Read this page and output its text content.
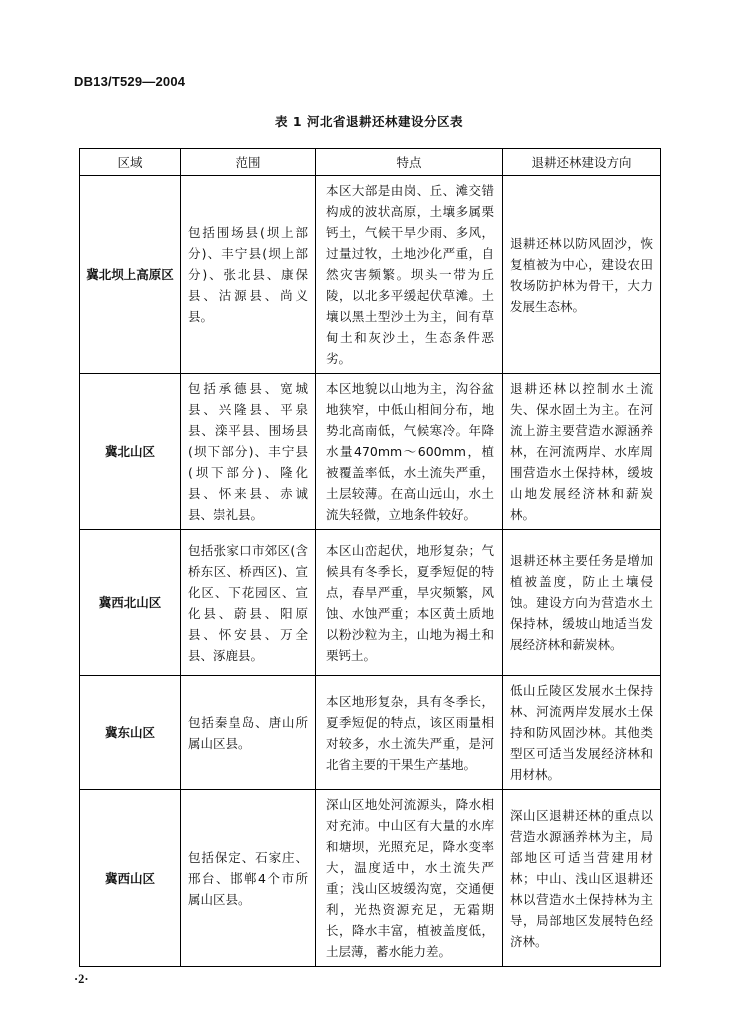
DB13/T529—2004
表 1 河北省退耕还林建设分区表
区域	范围	特点	退耕还林建设方向
冀北坝上高原区	包括围场县(坝上部分)、丰宁县(坝上部分)、张北县、康保县、沽源县、尚义县。	本区大部是由岗、丘、滩交错构成的波状高原，土壤多属栗钙土，气候干旱少雨、多风，过量过牧，土地沙化严重，自然灾害频繁。坝头一带为丘陵，以北多平缓起伏草滩。土壤以黑土型沙土为主，间有草甸土和灰沙土，生态条件恶劣。	退耕还林以防风固沙，恢复植被为中心，建设农田牧场防护林为骨干，大力发展生态林。

冀北山区	包括承德县、宽城县、兴隆县、平泉县、滦平县、围场县(坝下部分)、丰宁县(坝下部分)、隆化县、怀来县、赤诚县、崇礼县。	本区地貌以山地为主，沟谷盆地狭窄，中低山相间分布，地势北高南低，气候寒冷。年降水量470mm～600mm，植被覆盖率低，水土流失严重，土层较薄。在高山远山，水土流失轻微，立地条件较好。	退耕还林以控制水土流失、保水固土为主。在河流上游主要营造水源涵养林，在河流两岸、水库周围营造水土保持林，缓坡山地发展经济林和薪炭林。

冀西北山区	包括张家口市郊区(含桥东区、桥西区)、宣化区、下花园区、宣化县、蔚县、阳原县、怀安县、万全县、涿鹿县。	本区山峦起伏，地形复杂；气候具有冬季长，夏季短促的特点，春旱严重，旱灾频繁，风蚀、水蚀严重；本区黄土质地以粉沙粒为主，山地为褐土和栗钙土。	退耕还林主要任务是增加植被盖度，防止土壤侵蚀。建设方向为营造水土保持林，缓坡山地适当发展经济林和薪炭林。

冀东山区	包括秦皇岛、唐山所属山区县。	本区地形复杂，具有冬季长，夏季短促的特点，该区雨量相对较多，水土流失严重，是河北省主要的干果生产基地。	低山丘陵区发展水土保持林、河流两岸发展水土保持和防风固沙林。其他类型区可适当发展经济林和用材林。

冀西山区	包括保定、石家庄、邢台、邯郸4个市所属山区县。	深山区地处河流源头，降水相对充沛。中山区有大量的水库和塘坝，光照充足，降水变率大，温度适中，水土流失严重；浅山区坡缓沟宽，交通便利，光热资源充足，无霜期长，降水丰富，植被盖度低，土层薄，蓄水能力差。	深山区退耕还林的重点以营造水源涵养林为主，局部地区可适当营建用材林；中山、浅山区退耕还林以营造水土保持林为主导，局部地区发展特色经济林。
·2·
